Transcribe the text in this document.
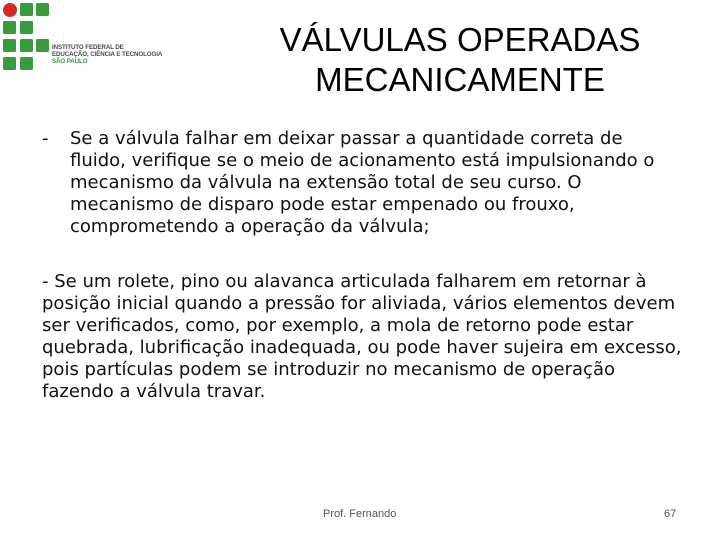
INSTITUTO FEDERAL DE
EDUCAÇÃO, CIÊNCIA E TECNOLOGIA
SÃO PAULO
VÁLVULAS OPERADAS
MECANICAMENTE

- Se a válvula falhar em deixar passar a quantidade correta de fluido, verifique se o meio de acionamento está impulsionando o mecanismo da válvula na extensão total de seu curso. O mecanismo de disparo pode estar empenado ou frouxo, comprometendo a operação da válvula;

- Se um rolete, pino ou alavanca articulada falharem em retornar à posição inicial quando a pressão for aliviada, vários elementos devem ser verificados, como, por exemplo, a mola de retorno pode estar quebrada, lubrificação inadequada, ou pode haver sujeira em excesso, pois partículas podem se introduzir no mecanismo de operação fazendo a válvula travar.

Prof. Fernando	67
